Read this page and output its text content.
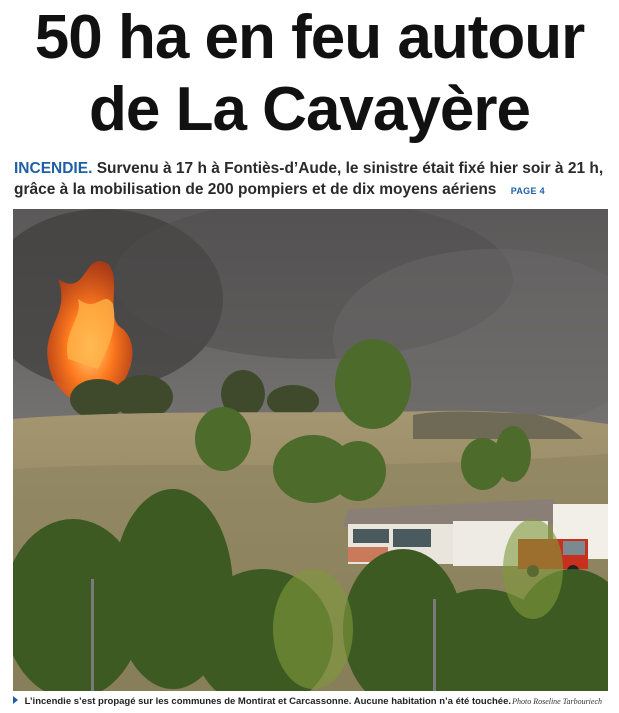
50 ha en feu autour
de La Cavayère
INCENDIE. Survenu à 17 h à Fontiès-d’Aude, le sinistre était fixé hier soir à 21 h, grâce à la mobilisation de 200 pompiers et de dix moyens aériens PAGE 4
L’incendie s’est propagé sur les communes de Montirat et Carcassonne. Aucune habitation n’a été touchée. Photo Roseline Tarbouriech
